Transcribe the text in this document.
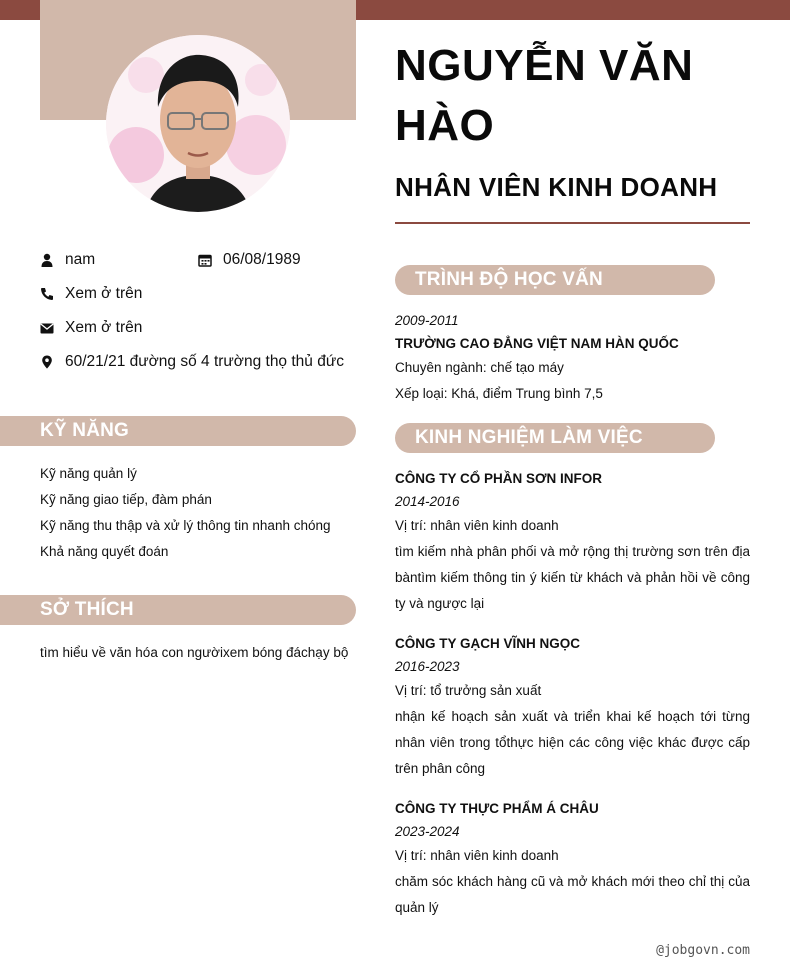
nam	06/08/1989
Xem ở trên
Xem ở trên
60/21/21 đường số 4 trường thọ thủ đức
KỸ NĂNG
Kỹ năng quản lý
Kỹ năng giao tiếp, đàm phán
Kỹ năng thu thập và xử lý thông tin nhanh chóng
Khả năng quyết đoán
SỞ THÍCH
tìm hiểu về văn hóa con ngườixem bóng đáchạy bộ
NGUYỄN VĂN HÀO
NHÂN VIÊN KINH DOANH
TRÌNH ĐỘ HỌC VẤN
2009-2011
TRƯỜNG CAO ĐẲNG VIỆT NAM HÀN QUỐC
Chuyên ngành: chế tạo máy
Xếp loại: Khá, điểm Trung bình 7,5
KINH NGHIỆM LÀM VIỆC
CÔNG TY CỔ PHẦN SƠN INFOR
2014-2016
Vị trí: nhân viên kinh doanh
tìm kiếm nhà phân phối và mở rộng thị trường sơn trên địa bàntìm kiếm thông tin ý kiến từ khách và phản hồi về công ty và ngược lại
CÔNG TY GẠCH VĨNH NGỌC
2016-2023
Vị trí: tổ trưởng sản xuất
nhận kế hoạch sản xuất và triển khai kế hoạch tới từng nhân viên trong tổthực hiện các công việc khác được cấp trên phân công
CÔNG TY THỰC PHẨM Á CHÂU
2023-2024
Vị trí: nhân viên kinh doanh
chăm sóc khách hàng cũ và mở khách mới theo chỉ thị của quản lý
@jobgovn.com
